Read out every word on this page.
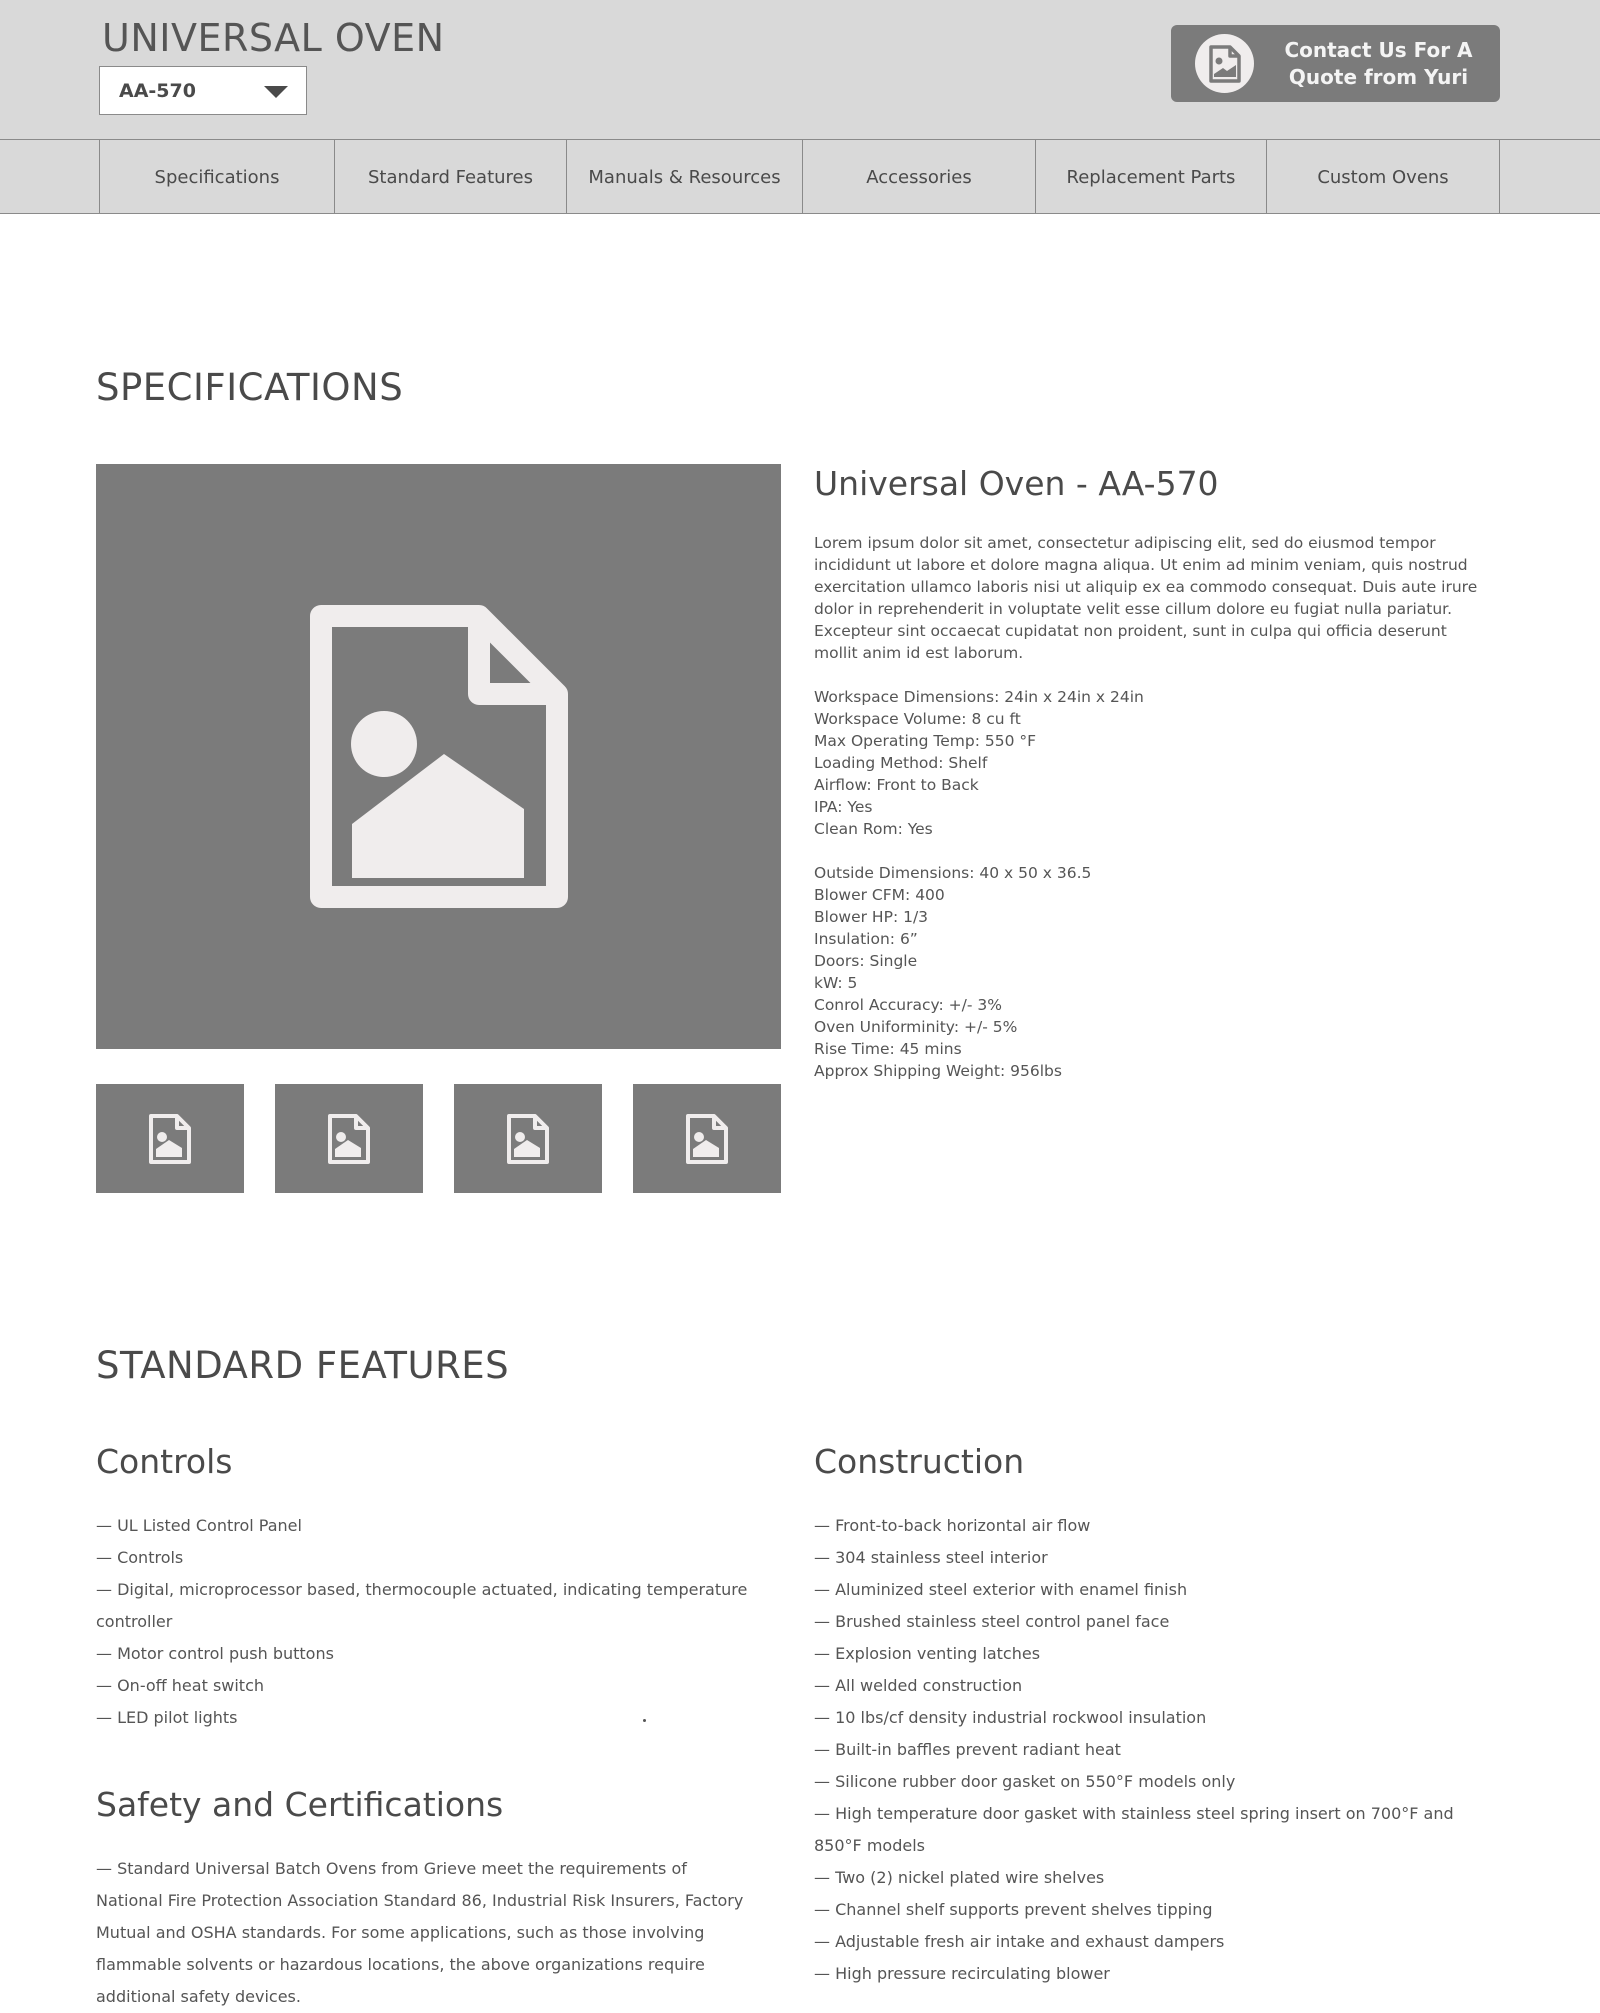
UNIVERSAL OVEN
AA-570
Contact Us For A
Quote from Yuri
Specifications	Standard Features	Manuals & Resources	Accessories	Replacement Parts	Custom Ovens
SPECIFICATIONS
Universal Oven - AA-570
Lorem ipsum dolor sit amet, consectetur adipiscing elit, sed do eiusmod tempor incididunt ut labore et dolore magna aliqua. Ut enim ad minim veniam, quis nostrud exercitation ullamco laboris nisi ut aliquip ex ea commodo consequat. Duis aute irure dolor in reprehenderit in voluptate velit esse cillum dolore eu fugiat nulla pariatur. Excepteur sint occaecat cupidatat non proident, sunt in culpa qui officia deserunt mollit anim id est laborum.
Workspace Dimensions: 24in x 24in x 24in
Workspace Volume: 8 cu ft
Max Operating Temp: 550 °F
Loading Method: Shelf
Airflow: Front to Back
IPA: Yes
Clean Rom: Yes
Outside Dimensions: 40 x 50 x 36.5
Blower CFM: 400
Blower HP: 1/3
Insulation: 6”
Doors: Single
kW: 5
Conrol Accuracy: +/- 3%
Oven Uniforminity: +/- 5%
Rise Time: 45 mins
Approx Shipping Weight: 956lbs
STANDARD FEATURES
Controls
— UL Listed Control Panel
— Controls
— Digital, microprocessor based, thermocouple actuated, indicating temperature controller
— Motor control push buttons
— On-off heat switch
— LED pilot lights
Safety and Certifications
— Standard Universal Batch Ovens from Grieve meet the requirements of National Fire Protection Association Standard 86, Industrial Risk Insurers, Factory Mutual and OSHA standards. For some applications, such as those involving flammable solvents or hazardous locations, the above organizations require additional safety devices.
Construction
— Front-to-back horizontal air flow
— 304 stainless steel interior
— Aluminized steel exterior with enamel finish
— Brushed stainless steel control panel face
— Explosion venting latches
— All welded construction
— 10 lbs/cf density industrial rockwool insulation
— Built-in baffles prevent radiant heat
— Silicone rubber door gasket on 550°F models only
— High temperature door gasket with stainless steel spring insert on 700°F and 850°F models
— Two (2) nickel plated wire shelves
— Channel shelf supports prevent shelves tipping
— Adjustable fresh air intake and exhaust dampers
— High pressure recirculating blower
